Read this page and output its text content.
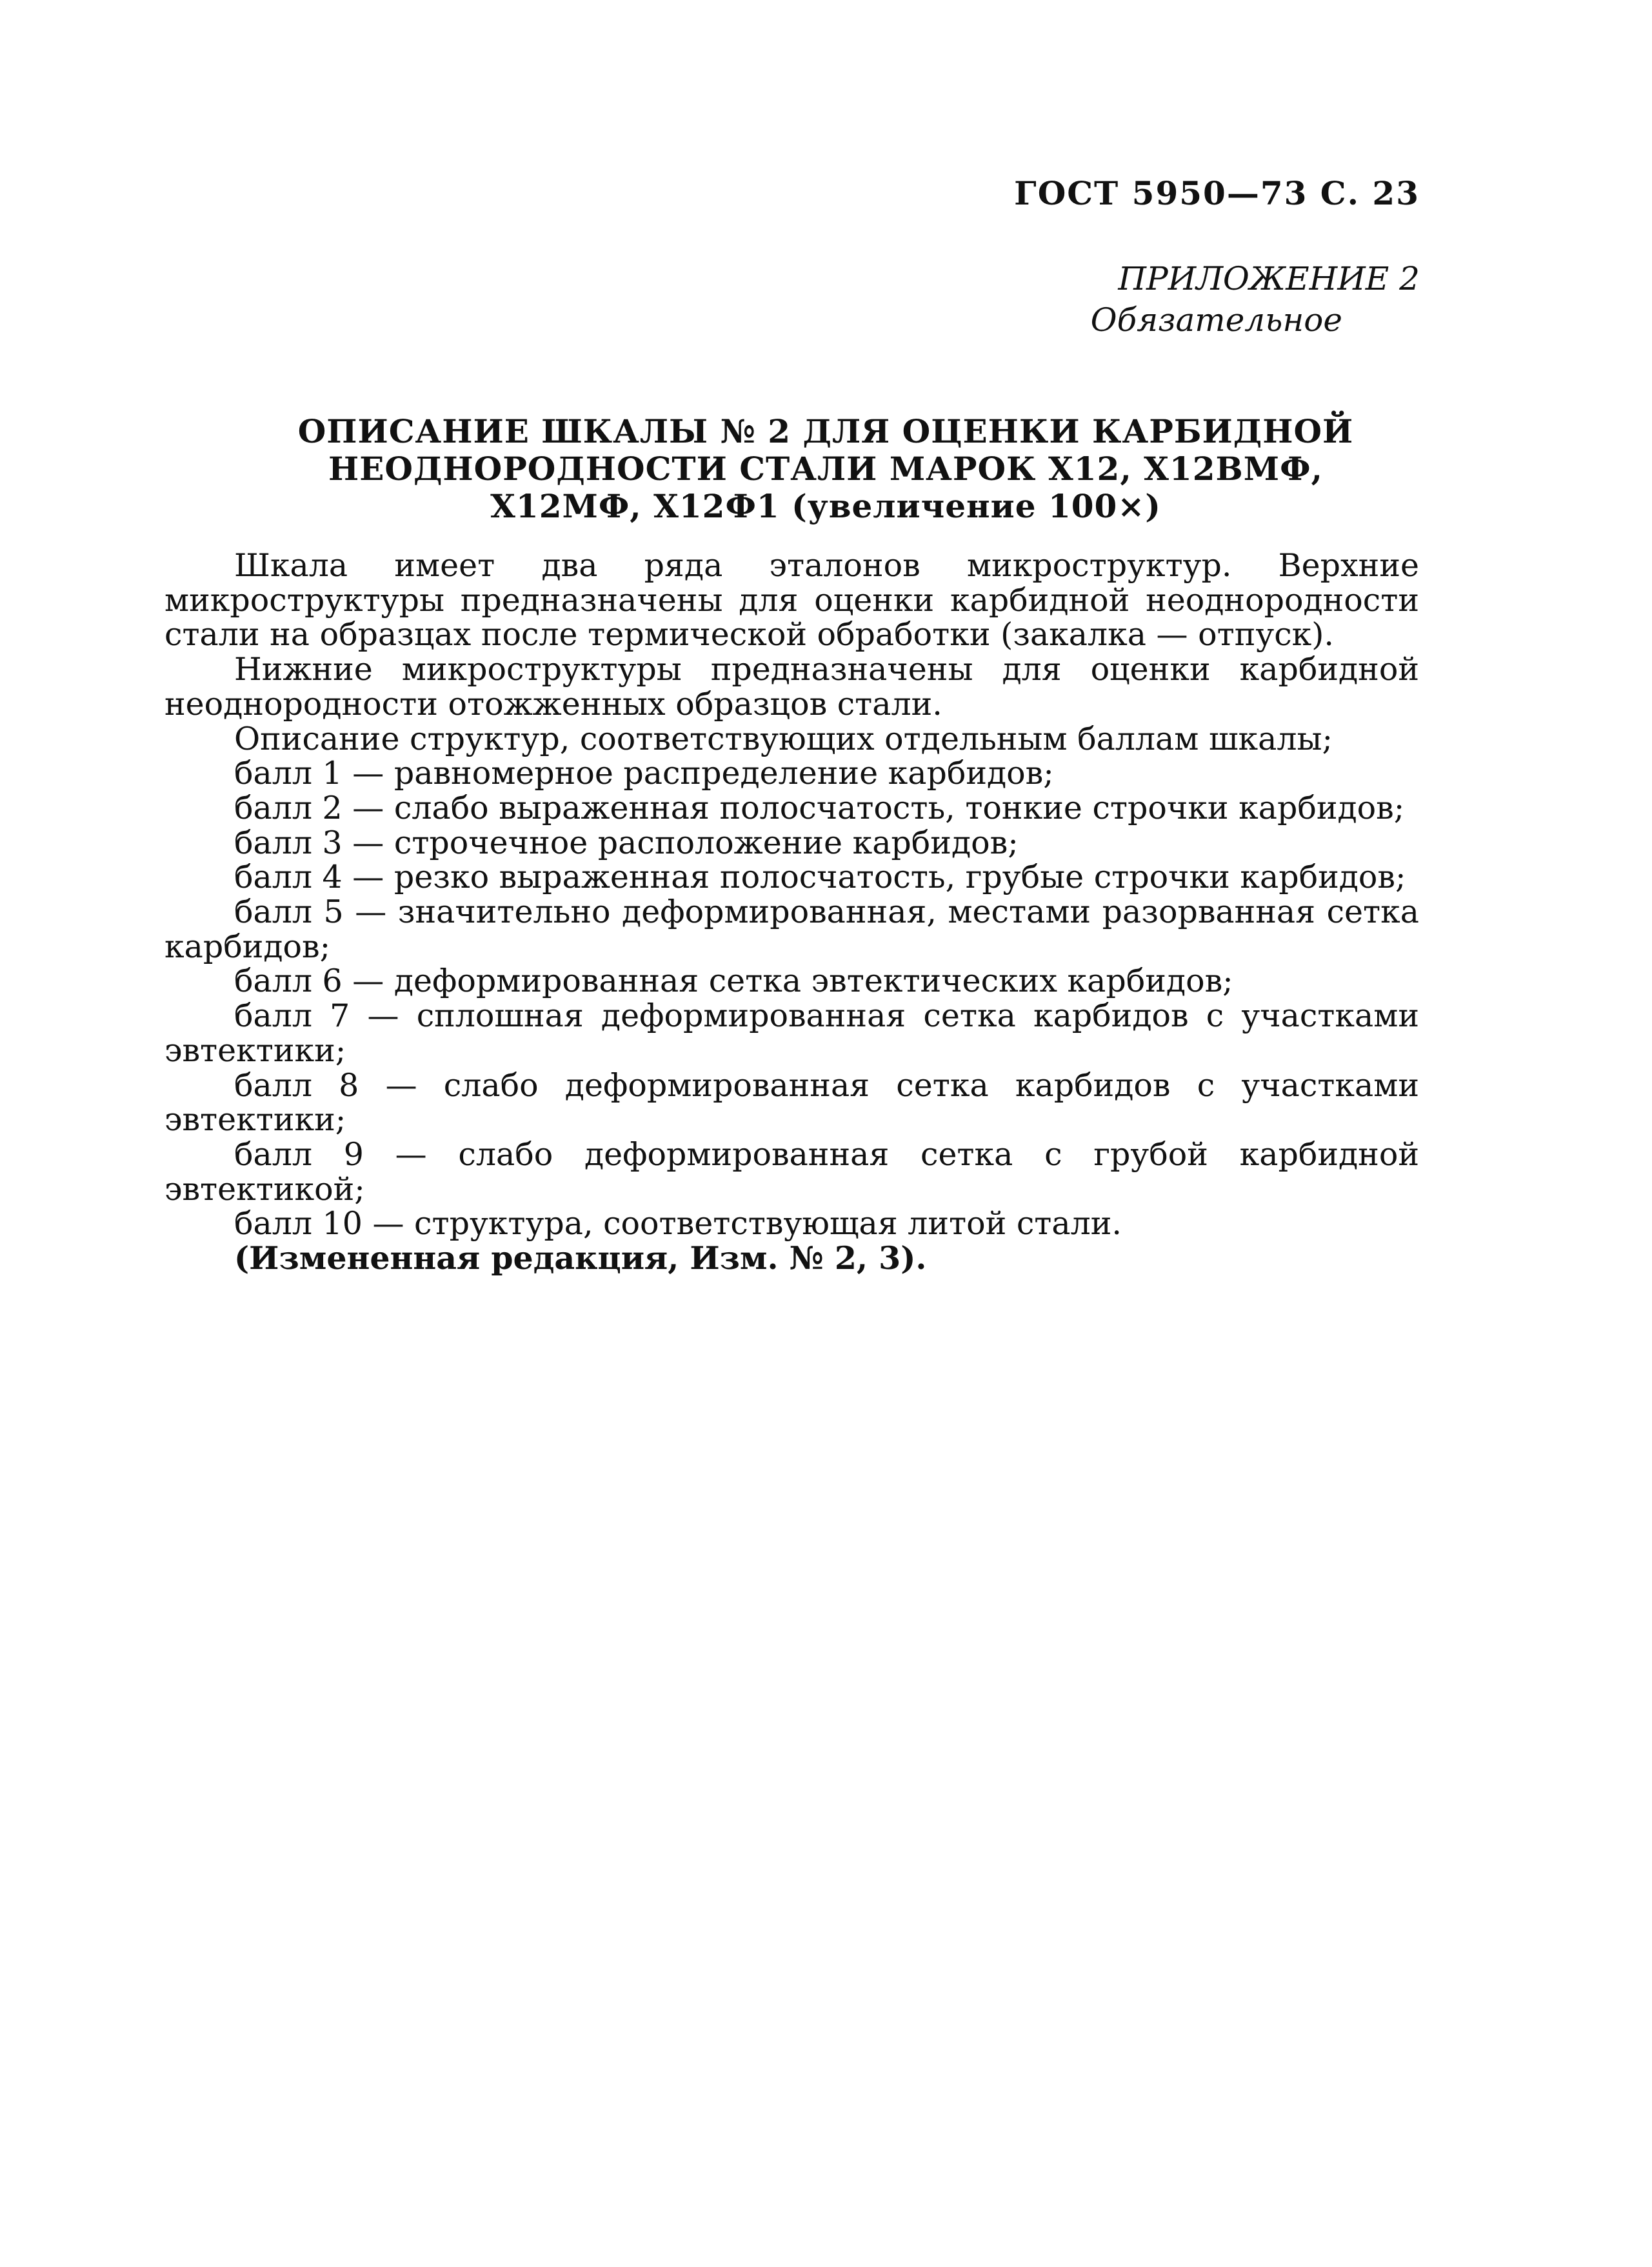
ГОСТ 5950—73 С. 23
ПРИЛОЖЕНИЕ 2

Обязательное
ОПИСАНИЕ ШКАЛЫ № 2 ДЛЯ ОЦЕНКИ КАРБИДНОЙ
НЕОДНОРОДНОСТИ СТАЛИ МАРОК Х12, Х12ВМФ,
Х12МФ, Х12Ф1 (увеличение 100×)

Шкала имеет два ряда эталонов микроструктур. Верхние микроструктуры предназначены для оценки карбидной неоднородности стали на образцах после термической обработки (закалка — отпуск).

Нижние микроструктуры предназначены для оценки карбидной неоднородности отожженных образцов стали.

Описание структур, соответствующих отдельным баллам шкалы;

балл 1 — равномерное распределение карбидов;

балл 2 — слабо выраженная полосчатость, тонкие строчки карбидов;

балл 3 — строчечное расположение карбидов;

балл 4 — резко выраженная полосчатость, грубые строчки карбидов;

балл 5 — значительно деформированная, местами разорванная сетка карбидов;

балл 6 — деформированная сетка эвтектических карбидов;

балл 7 — сплошная деформированная сетка карбидов с участками эвтектики;

балл 8 — слабо деформированная сетка карбидов с участками эвтектики;

балл 9 — слабо деформированная сетка с грубой карбидной эвтектикой;

балл 10 — структура, соответствующая литой стали.

(Измененная редакция, Изм. № 2, 3).
